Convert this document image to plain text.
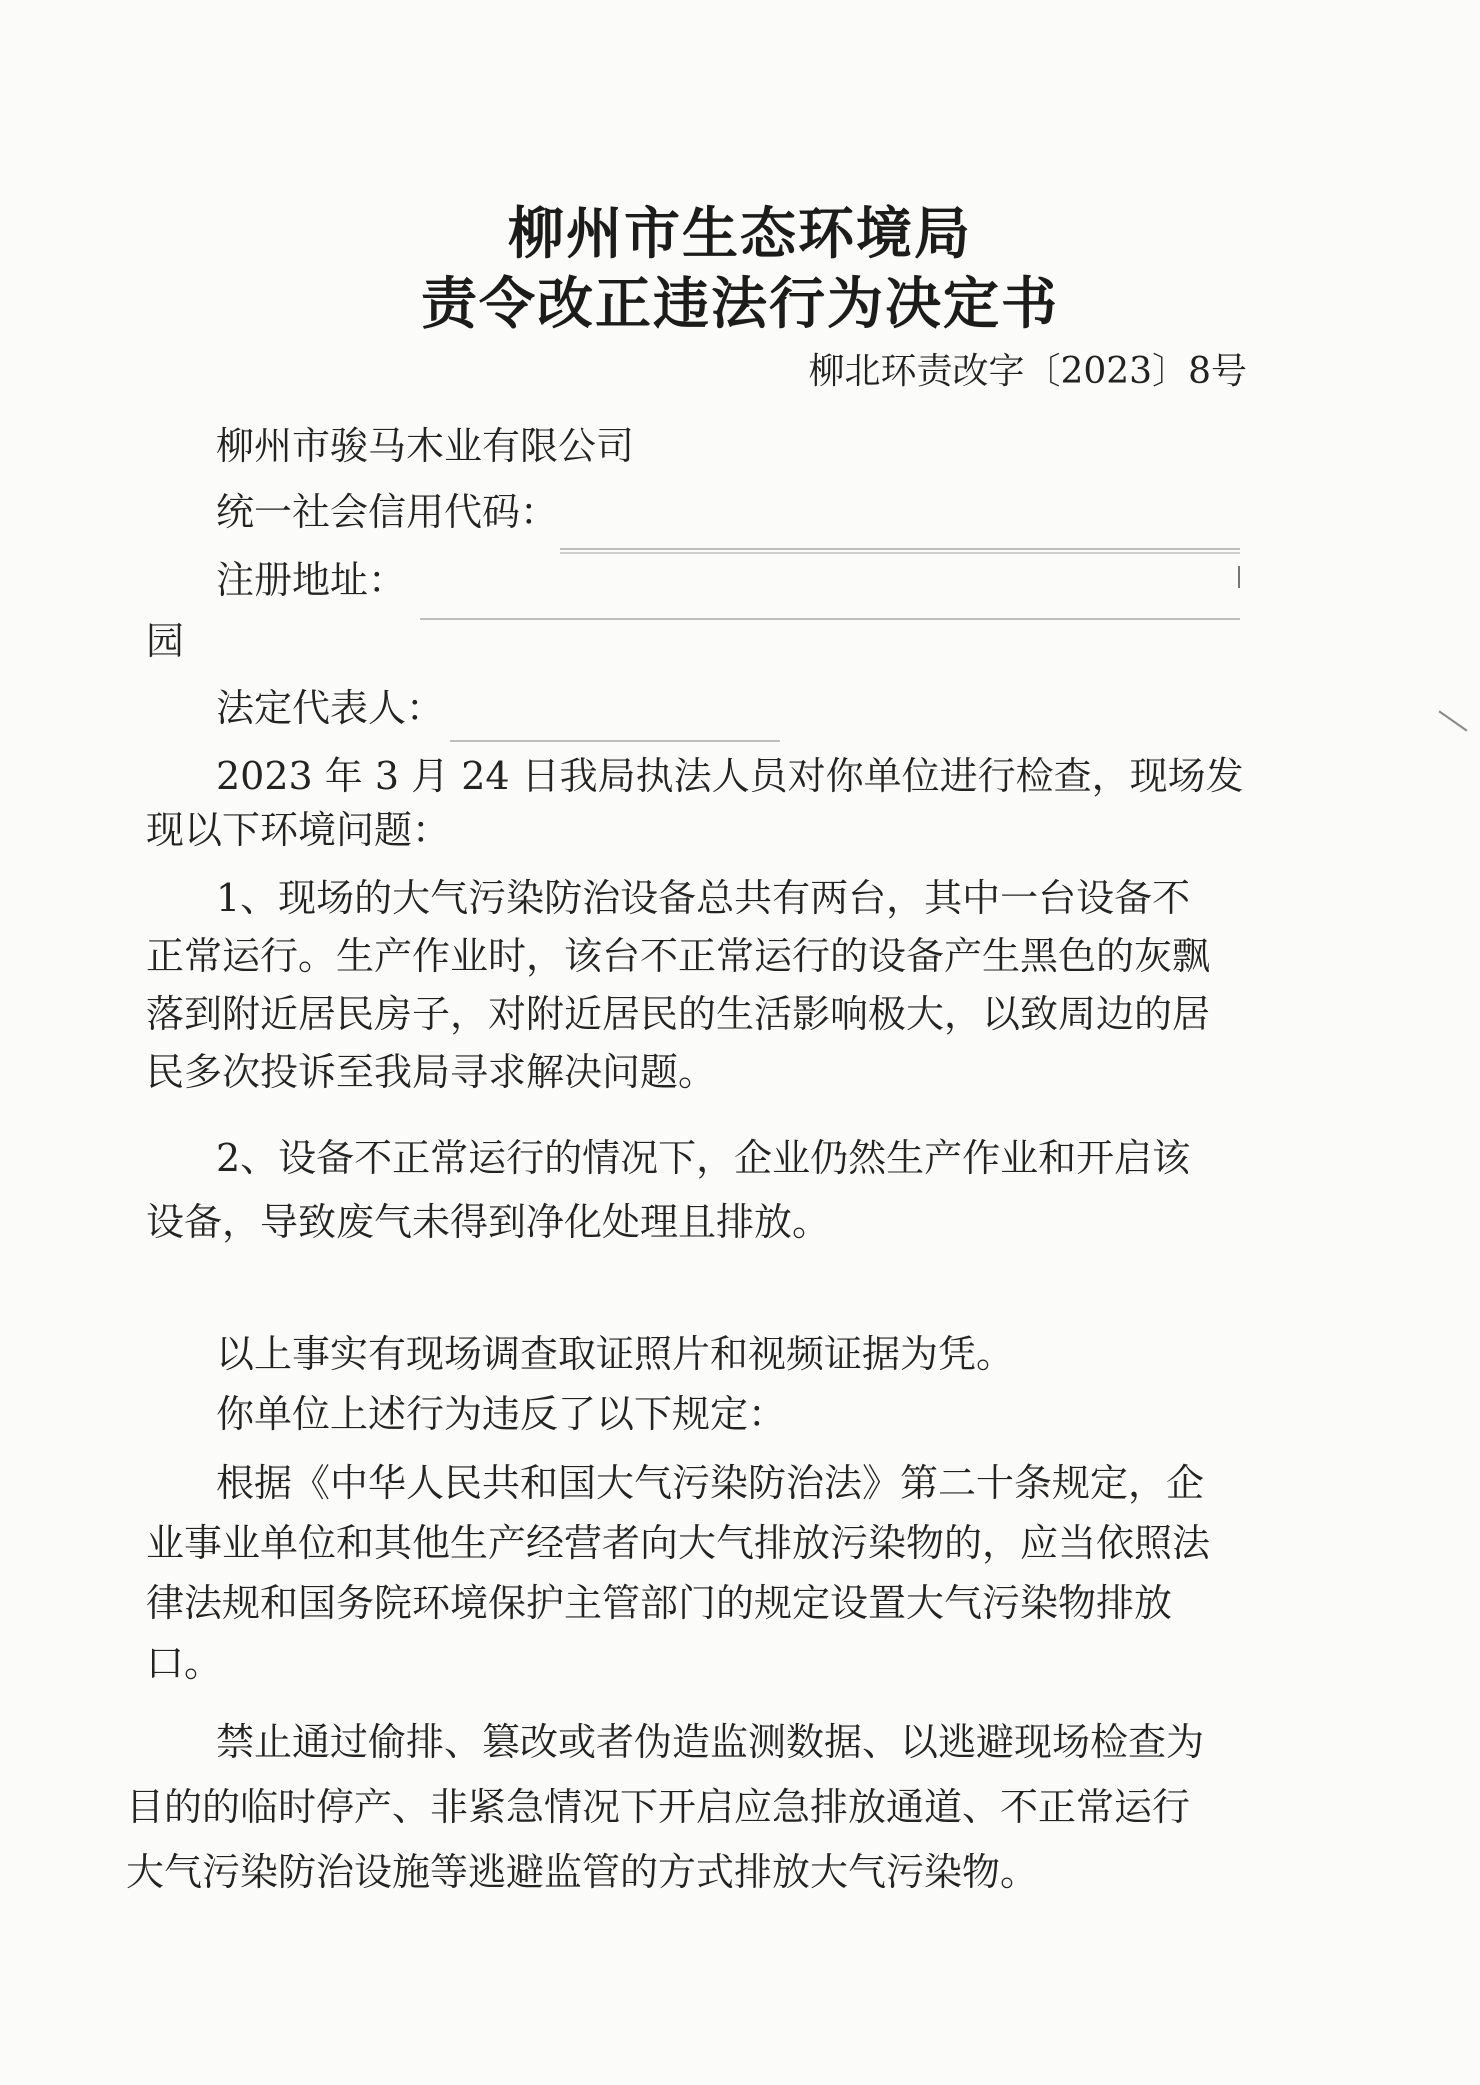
柳州市生态环境局
责令改正违法行为决定书
柳北环责改字〔2023〕8号
柳州市骏马木业有限公司
统一社会信用代码：
注册地址：
园
法定代表人：
2023 年 3 月 24 日我局执法人员对你单位进行检查，现场发
现以下环境问题：
1、现场的大气污染防治设备总共有两台，其中一台设备不
正常运行。生产作业时，该台不正常运行的设备产生黑色的灰飘
落到附近居民房子，对附近居民的生活影响极大，以致周边的居
民多次投诉至我局寻求解决问题。
2、设备不正常运行的情况下，企业仍然生产作业和开启该
设备，导致废气未得到净化处理且排放。
以上事实有现场调查取证照片和视频证据为凭。
你单位上述行为违反了以下规定：
根据《中华人民共和国大气污染防治法》第二十条规定，企
业事业单位和其他生产经营者向大气排放污染物的，应当依照法
律法规和国务院环境保护主管部门的规定设置大气污染物排放
口。
禁止通过偷排、篡改或者伪造监测数据、以逃避现场检查为
目的的临时停产、非紧急情况下开启应急排放通道、不正常运行
大气污染防治设施等逃避监管的方式排放大气污染物。
